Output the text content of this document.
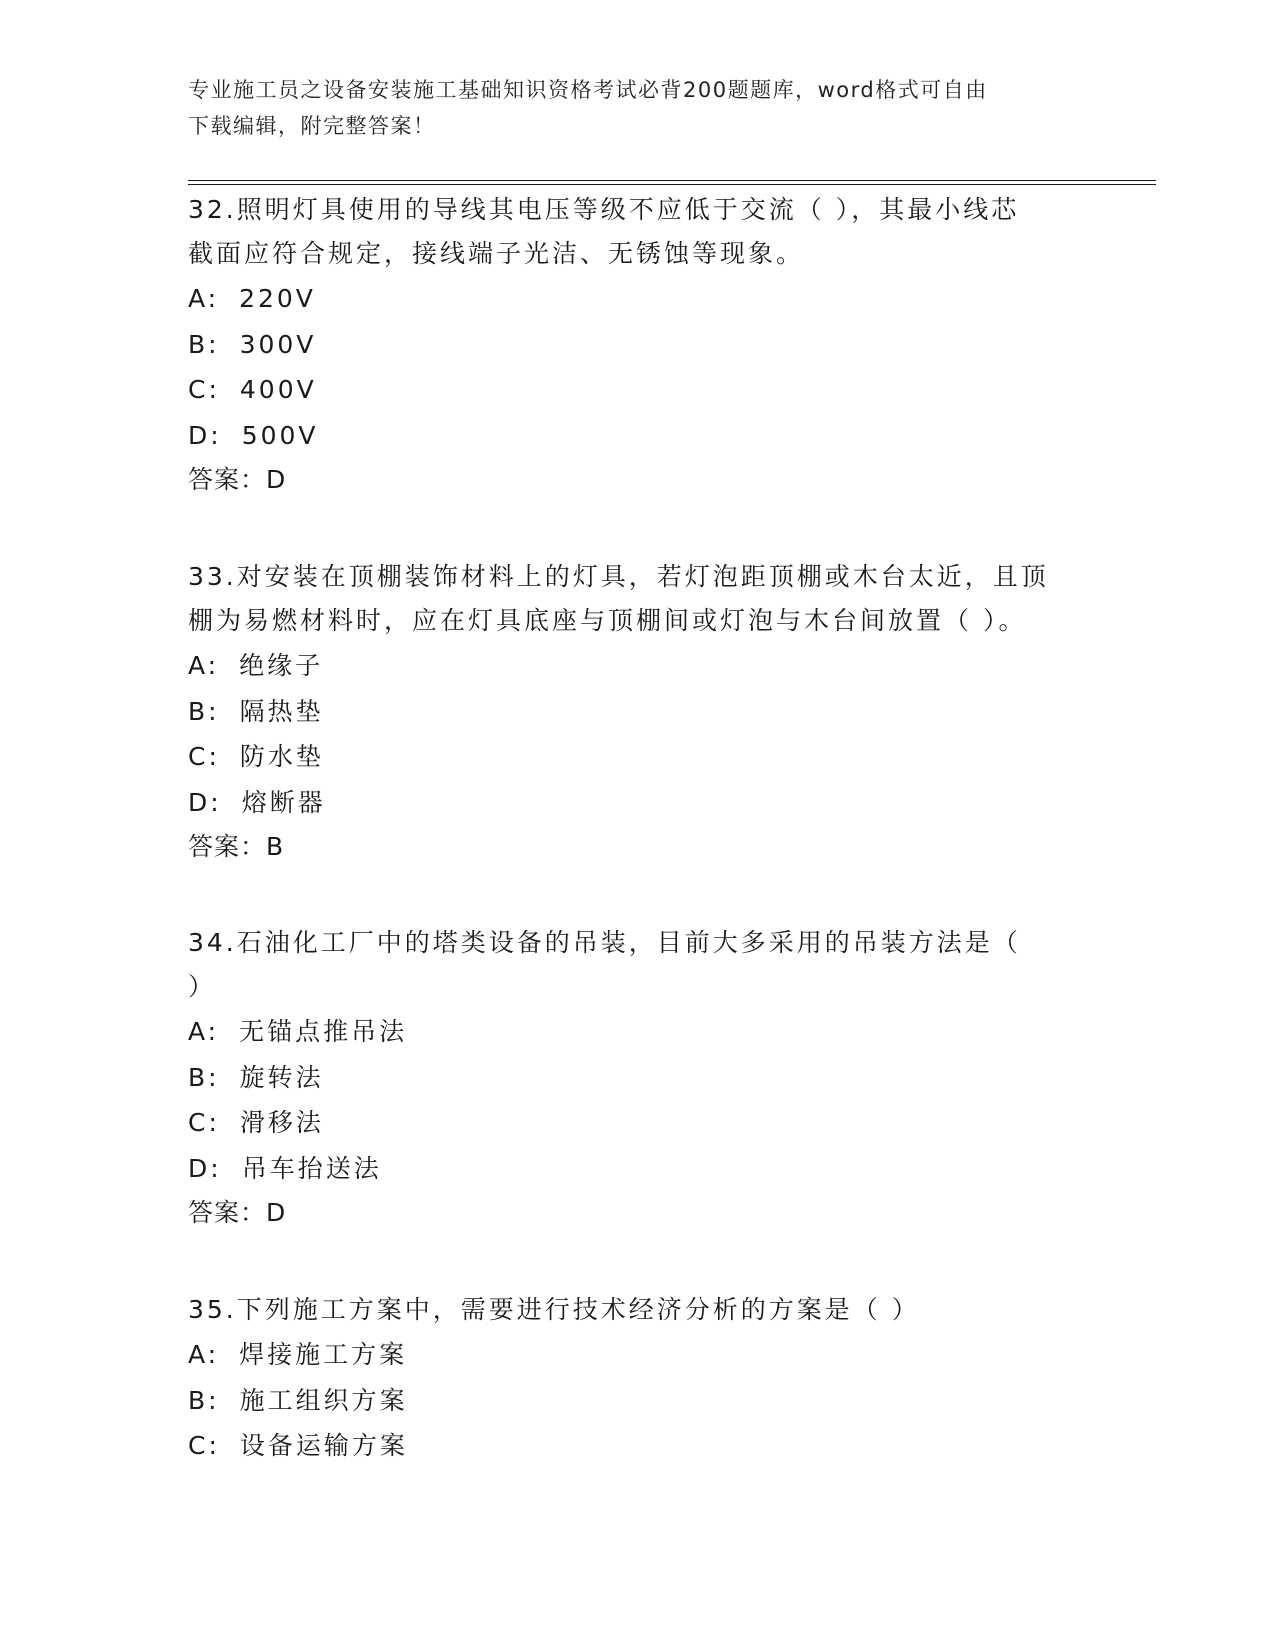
专业施工员之设备安装施工基础知识资格考试必背200题题库，word格式可自由
下载编辑，附完整答案！
32.照明灯具使用的导线其电压等级不应低于交流（ ），其最小线芯
截面应符合规定，接线端子光洁、无锈蚀等现象。
A: 220V
B: 300V
C: 400V
D: 500V
答案：D
33.对安装在顶棚装饰材料上的灯具，若灯泡距顶棚或木台太近，且顶
棚为易燃材料时，应在灯具底座与顶棚间或灯泡与木台间放置（ ）。
A: 绝缘子
B: 隔热垫
C: 防水垫
D: 熔断器
答案：B
34.石油化工厂中的塔类设备的吊装，目前大多采用的吊装方法是（
）
A: 无锚点推吊法
B: 旋转法
C: 滑移法
D: 吊车抬送法
答案：D
35.下列施工方案中，需要进行技术经济分析的方案是（ ）
A: 焊接施工方案
B: 施工组织方案
C: 设备运输方案
